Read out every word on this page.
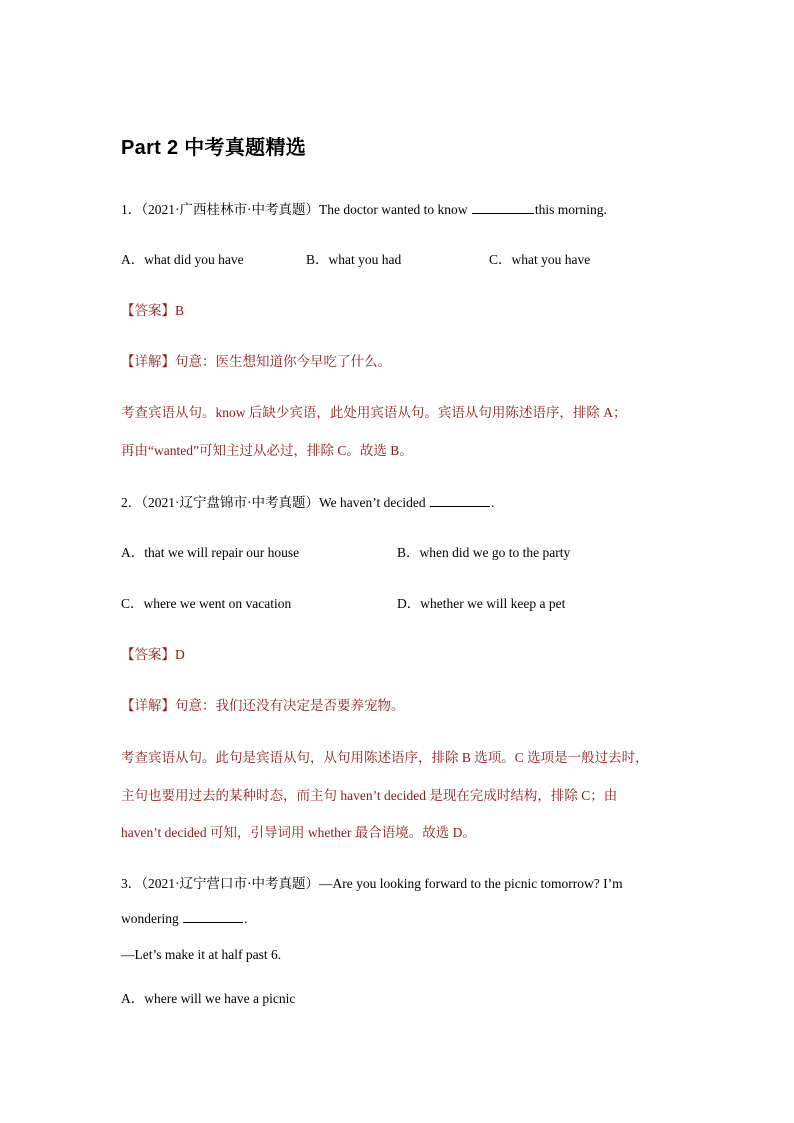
Part 2 中考真题精选
1．（2021·广西桂林市·中考真题）The doctor wanted to know	this morning.
A．what did you have	B．what you had	C．what you have
【答案】B
【详解】句意：医生想知道你今早吃了什么。
考查宾语从句。know 后缺少宾语，此处用宾语从句。宾语从句用陈述语序，排除 A；
再由“wanted”可知主过从必过，排除 C。故选 B。
2．（2021·辽宁盘锦市·中考真题）We haven’t decided	.
A．that we will repair our house	B．when did we go to the party
C．where we went on vacation	D．whether we will keep a pet
【答案】D
【详解】句意：我们还没有决定是否要养宠物。
考查宾语从句。此句是宾语从句，从句用陈述语序，排除 B 选项。C 选项是一般过去时，
主句也要用过去的某种时态，而主句 haven’t decided 是现在完成时结构，排除 C；由
haven’t decided 可知，引导词用 whether 最合语境。故选 D。
3．（2021·辽宁营口市·中考真题）—Are you looking forward to the picnic tomorrow? I’m
wondering	.
—Let’s make it at half past 6.
A．where will we have a picnic
